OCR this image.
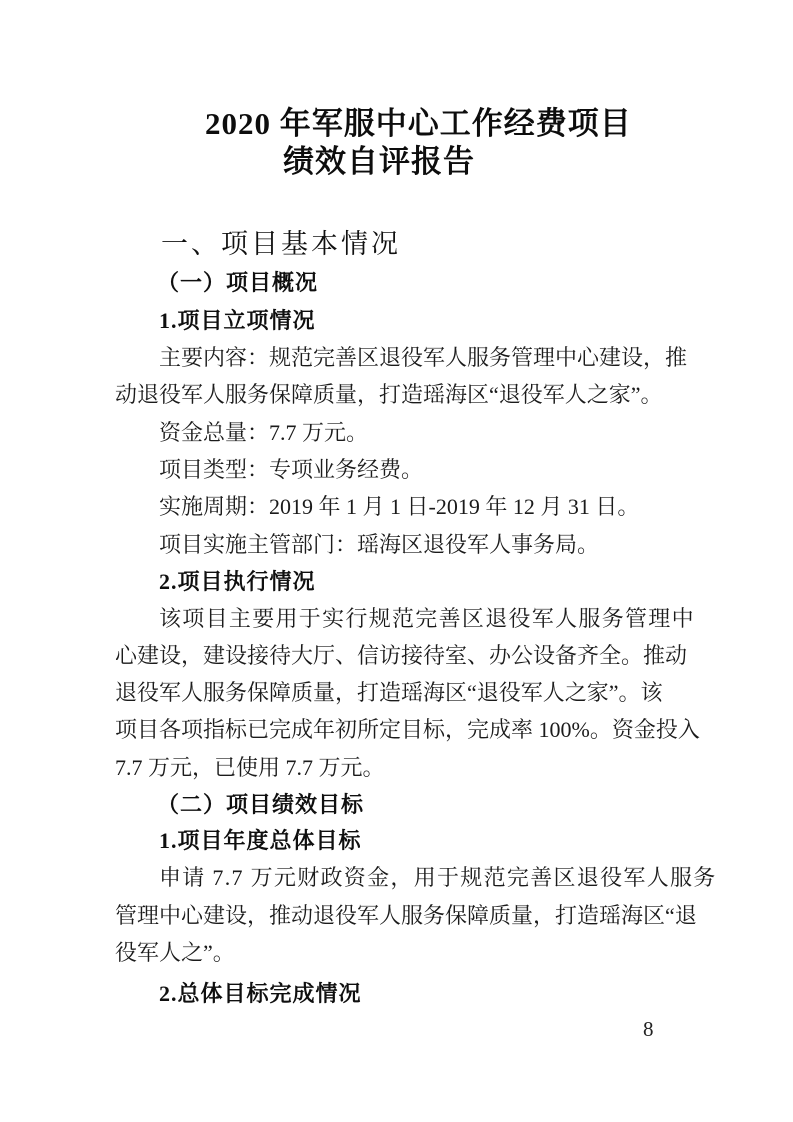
2020 年军服中心工作经费项目
绩效自评报告
一、项目基本情况
（一）项目概况
1.项目立项情况
主要内容：规范完善区退役军人服务管理中心建设，推
动退役军人服务保障质量，打造瑶海区“退役军人之家”。
资金总量：7.7 万元。
项目类型：专项业务经费。
实施周期：2019 年 1 月 1 日-2019 年 12 月 31 日。
项目实施主管部门：瑶海区退役军人事务局。
2.项目执行情况
该项目主要用于实行规范完善区退役军人服务管理中
心建设，建设接待大厅、信访接待室、办公设备齐全。推动
退役军人服务保障质量，打造瑶海区“退役军人之家”。该
项目各项指标已完成年初所定目标，完成率 100%。资金投入
7.7 万元，已使用 7.7 万元。
（二）项目绩效目标
1.项目年度总体目标
申请 7.7 万元财政资金，用于规范完善区退役军人服务
管理中心建设，推动退役军人服务保障质量，打造瑶海区“退
役军人之”。
2.总体目标完成情况
8
